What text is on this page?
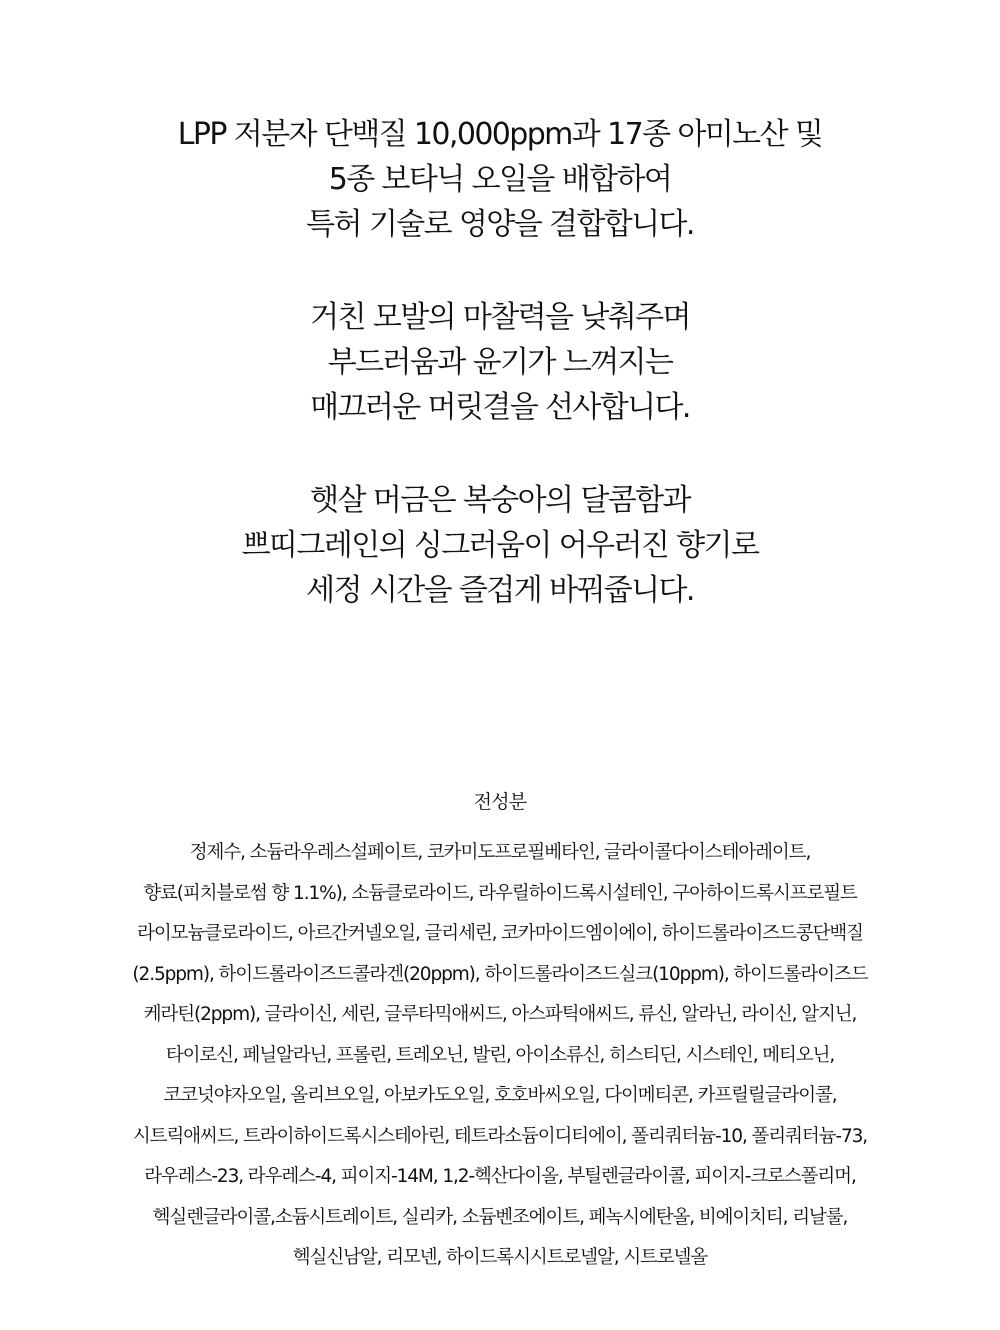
LPP 저분자 단백질 10,000ppm과 17종 아미노산 및
5종 보타닉 오일을 배합하여
특허 기술로 영양을 결합합니다.

거친 모발의 마찰력을 낮춰주며
부드러움과 윤기가 느껴지는
매끄러운 머릿결을 선사합니다.

햇살 머금은 복숭아의 달콤함과
쁘띠그레인의 싱그러움이 어우러진 향기로
세정 시간을 즐겁게 바꿔줍니다.

전성분
정제수, 소듐라우레스설페이트, 코카미도프로필베타인, 글라이콜다이스테아레이트,
향료(피치블로썸 향 1.1%), 소듐클로라이드, 라우릴하이드록시설테인, 구아하이드록시프로필트
라이모늄클로라이드, 아르간커넬오일, 글리세린, 코카마이드엠이에이, 하이드롤라이즈드콩단백질
(2.5ppm), 하이드롤라이즈드콜라겐(20ppm), 하이드롤라이즈드실크(10ppm), 하이드롤라이즈드
케라틴(2ppm), 글라이신, 세린, 글루타믹애씨드, 아스파틱애씨드, 류신, 알라닌, 라이신, 알지닌,
타이로신, 페닐알라닌, 프롤린, 트레오닌, 발린, 아이소류신, 히스티딘, 시스테인, 메티오닌,
코코넛야자오일, 올리브오일, 아보카도오일, 호호바씨오일, 다이메티콘, 카프릴릴글라이콜,
시트릭애씨드, 트라이하이드록시스테아린, 테트라소듐이디티에이, 폴리쿼터늄-10, 폴리쿼터늄-73,
라우레스-23, 라우레스-4, 피이지-14M, 1,2-헥산다이올, 부틸렌글라이콜, 피이지-크로스폴리머,
헥실렌글라이콜,소듐시트레이트, 실리카, 소듐벤조에이트, 페녹시에탄올, 비에이치티, 리날룰,
헥실신남알, 리모넨, 하이드록시시트로넬알, 시트로넬올
